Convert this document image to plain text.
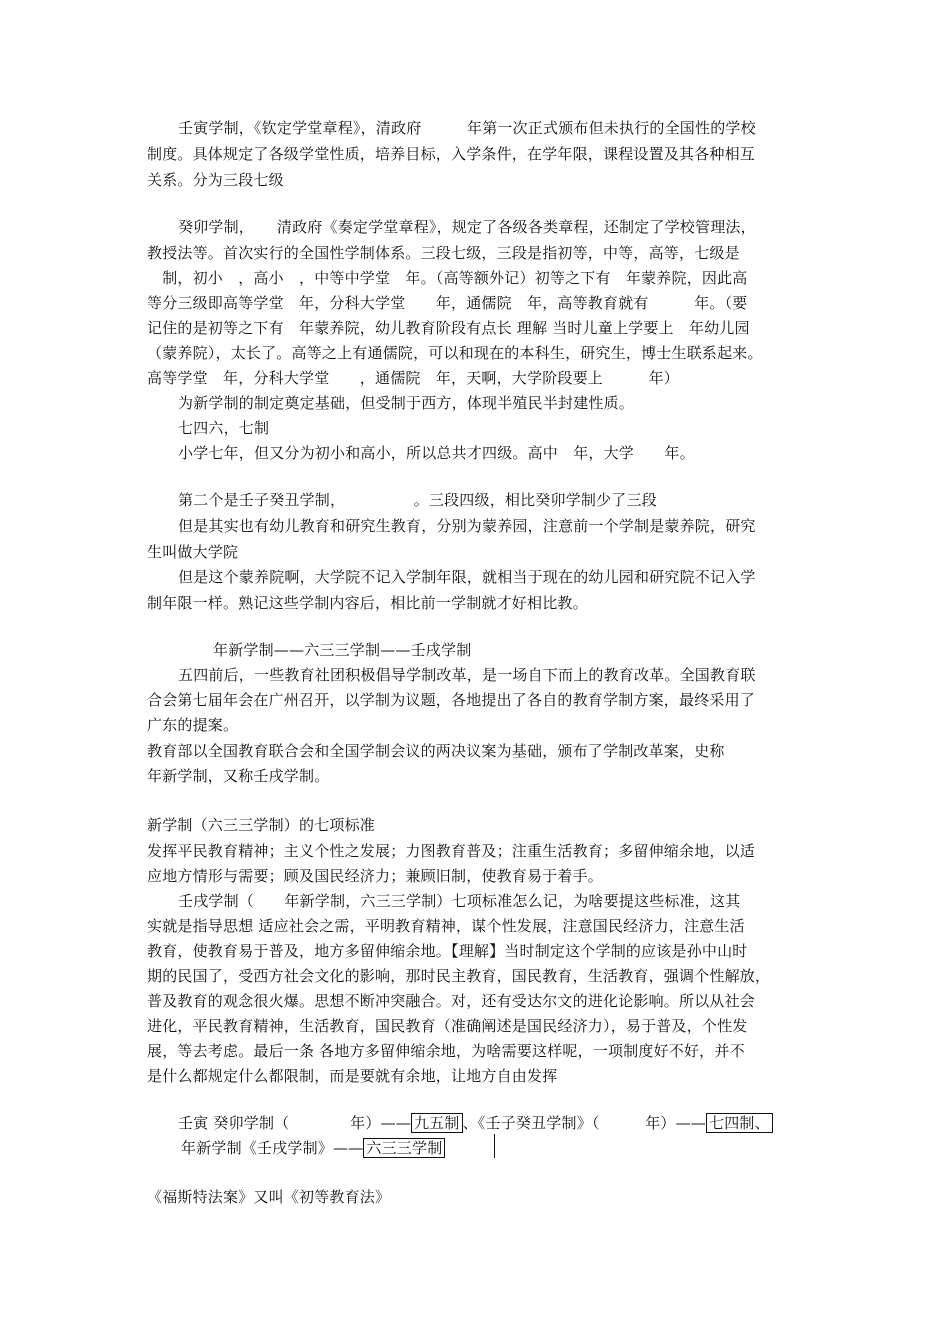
壬寅学制，《钦定学堂章程》，清政府　　　年第一次正式颁布但未执行的全国性的学校
制度。具体规定了各级学堂性质，培养目标，入学条件，在学年限，课程设置及其各种相互
关系。分为三段七级
癸卯学制，　　清政府《奏定学堂章程》，规定了各级各类章程，还制定了学校管理法，
教授法等。首次实行的全国性学制体系。三段七级，三段是指初等，中等，高等，七级是
　制，初小　，高小　，中等中学堂　年。（高等额外记）初等之下有　年蒙养院，因此高
等分三级即高等学堂　年，分科大学堂　　年，通儒院　年，高等教育就有　　　年。（要
记住的是初等之下有　年蒙养院，幼儿教育阶段有点长 理解 当时儿童上学要上　年幼儿园
（蒙养院），太长了。高等之上有通儒院，可以和现在的本科生，研究生，博士生联系起来。
高等学堂　年，分科大学堂　　，通儒院　年，天啊，大学阶段要上　　　年）
为新学制的制定奠定基础，但受制于西方，体现半殖民半封建性质。
七四六，七制
小学七年，但又分为初小和高小，所以总共才四级。高中　年，大学　　年。
第二个是壬子癸丑学制，　　　　　。三段四级，相比癸卯学制少了三段
但是其实也有幼儿教育和研究生教育，分别为蒙养园，注意前一个学制是蒙养院，研究
生叫做大学院
但是这个蒙养院啊，大学院不记入学制年限，就相当于现在的幼儿园和研究院不记入学
制年限一样。熟记这些学制内容后，相比前一学制就才好相比教。
年新学制——六三三学制——壬戌学制
五四前后，一些教育社团积极倡导学制改革，是一场自下而上的教育改革。全国教育联
合会第七届年会在广州召开，以学制为议题，各地提出了各自的教育学制方案，最终采用了
广东的提案。
教育部以全国教育联合会和全国学制会议的两决议案为基础，颁布了学制改革案，史称
年新学制，又称壬戌学制。
新学制（六三三学制）的七项标准
发挥平民教育精神；主义个性之发展；力图教育普及；注重生活教育；多留伸缩余地，以适
应地方情形与需要；顾及国民经济力；兼顾旧制，使教育易于着手。
壬戌学制（　　年新学制，六三三学制）七项标准怎么记，为啥要提这些标准，这其
实就是指导思想 适应社会之需，平明教育精神，谋个性发展，注意国民经济力，注意生活
教育，使教育易于普及，地方多留伸缩余地。【理解】当时制定这个学制的应该是孙中山时
期的民国了，受西方社会文化的影响，那时民主教育，国民教育，生活教育，强调个性解放，
普及教育的观念很火爆。思想不断冲突融合。对，还有受达尔文的进化论影响。所以从社会
进化，平民教育精神，生活教育，国民教育（准确阐述是国民经济力），易于普及，个性发
展，等去考虑。最后一条 各地方多留伸缩余地，为啥需要这样呢，一项制度好不好，并不
是什么都规定什么都限制，而是要就有余地，让地方自由发挥
壬寅 癸卯学制（　　　　年）—— 九五制 、《壬子癸丑学制》（　　　年）—— 七四制、
年新学制《壬戌学制》—— 六三三学制
《福斯特法案》又叫《初等教育法》
